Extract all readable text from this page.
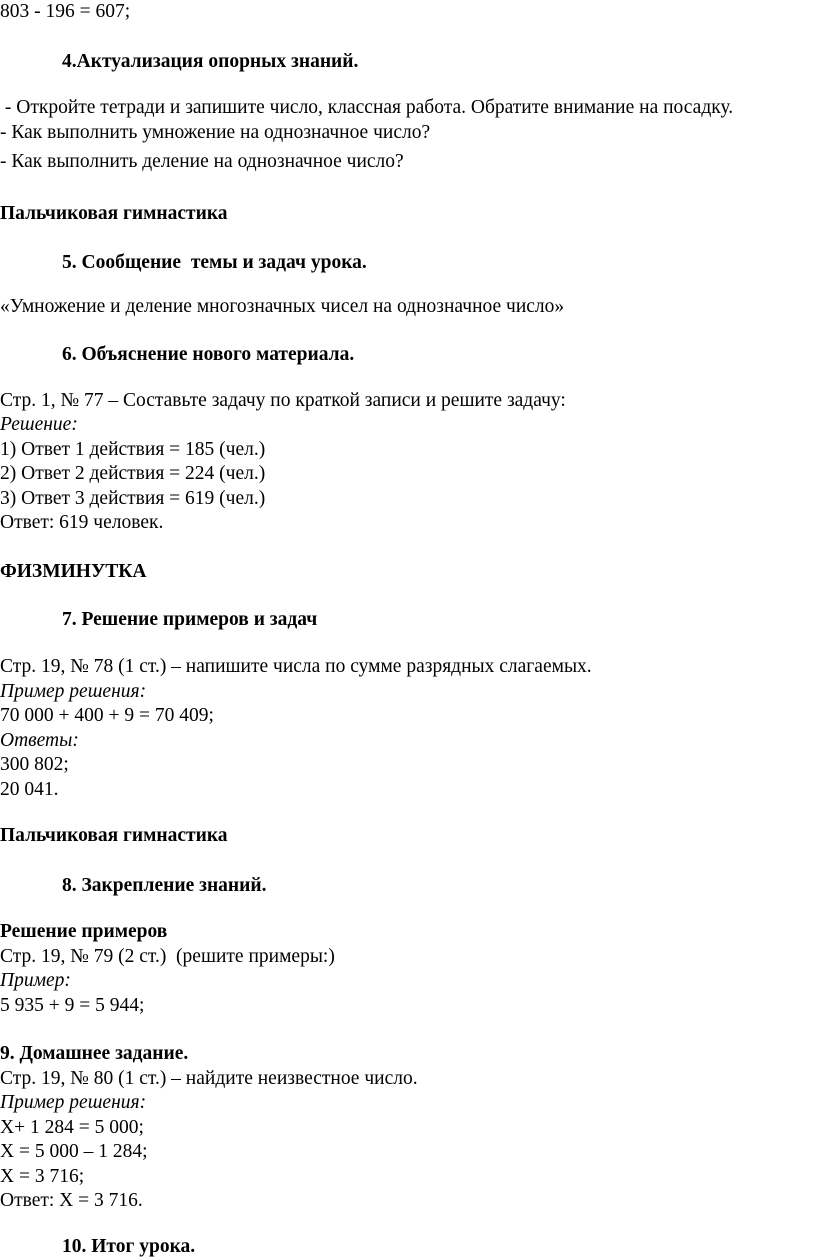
803 - 196 = 607;

4.Актуализация опорных знаний.

- Откройте тетради и запишите число, классная работа. Обратите внимание на посадку.

- Как выполнить умножение на однозначное число?

- Как выполнить деление на однозначное число?

Пальчиковая гимнастика

5. Сообщение  темы и задач урока.

«Умножение и деление многозначных чисел на однозначное число»

6. Объяснение нового материала.

Стр. 1, № 77 – Составьте задачу по краткой записи и решите задачу:

Решение:

1) Ответ 1 действия = 185 (чел.)

2) Ответ 2 действия = 224 (чел.)

3) Ответ 3 действия = 619 (чел.)

Ответ: 619 человек.

ФИЗМИНУТКА

7. Решение примеров и задач

Стр. 19, № 78 (1 ст.) – напишите числа по сумме разрядных слагаемых.

Пример решения:

70 000 + 400 + 9 = 70 409;

Ответы:

300 802;

20 041.

Пальчиковая гимнастика

8. Закрепление знаний.

Решение примеров

Стр. 19, № 79 (2 ст.)  (решите примеры:)

Пример:

5 935 + 9 = 5 944;

9. Домашнее задание.

Стр. 19, № 80 (1 ст.) – найдите неизвестное число.

Пример решения:

X+ 1 284 = 5 000;

X = 5 000 – 1 284;

X = 3 716;

Ответ: X = 3 716.

10. Итог урока.
